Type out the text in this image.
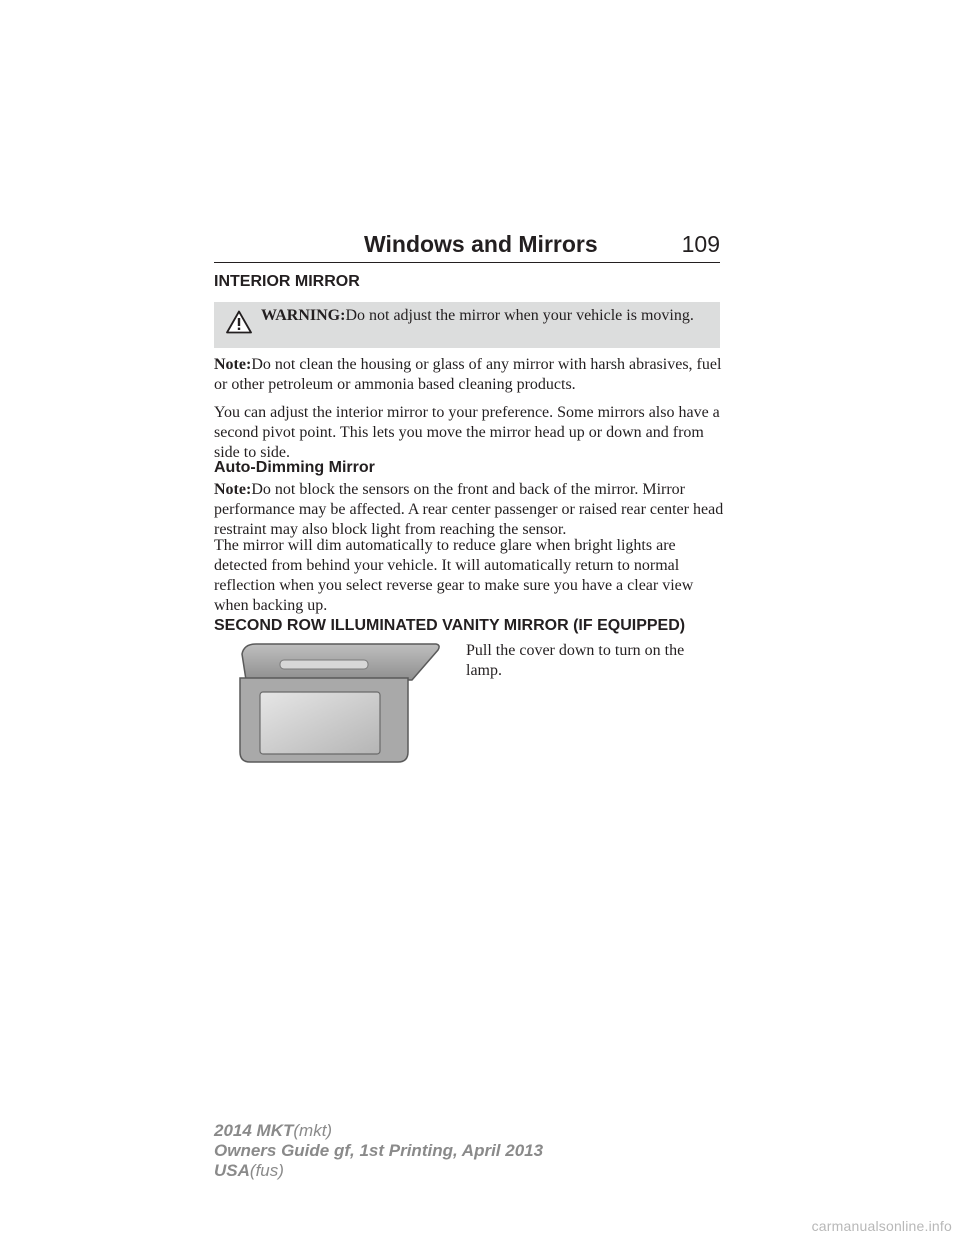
Windows and Mirrors	109
INTERIOR MIRROR

WARNING:Do not adjust the mirror when your vehicle is moving.

Note:Do not clean the housing or glass of any mirror with harsh abrasives, fuel or other petroleum or ammonia based cleaning products.

You can adjust the interior mirror to your preference. Some mirrors also have a second pivot point. This lets you move the mirror head up or down and from side to side.

Auto-Dimming Mirror

Note:Do not block the sensors on the front and back of the mirror. Mirror performance may be affected. A rear center passenger or raised rear center head restraint may also block light from reaching the sensor.

The mirror will dim automatically to reduce glare when bright lights are detected from behind your vehicle. It will automatically return to normal reflection when you select reverse gear to make sure you have a clear view when backing up.

SECOND ROW ILLUMINATED VANITY MIRROR (IF EQUIPPED)

Pull the cover down to turn on the lamp.

2014 MKT(mkt)
Owners Guide gf, 1st Printing, April 2013
USA(fus)
carmanualsonline.info
